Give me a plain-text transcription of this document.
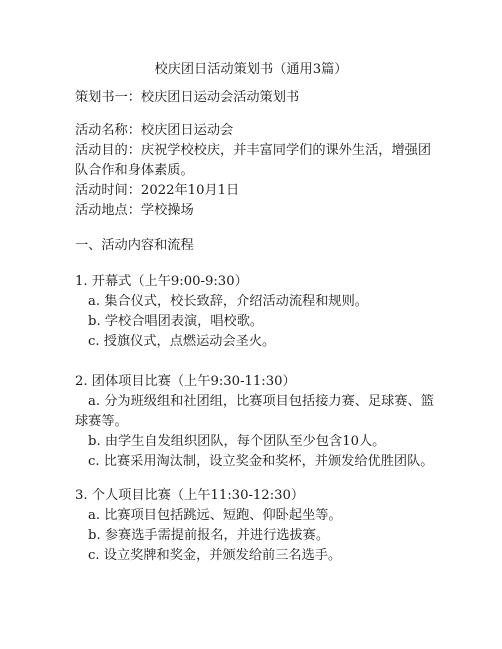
校庆团日活动策划书（通用3篇）
策划书一：校庆团日运动会活动策划书
活动名称：校庆团日运动会
活动目的：庆祝学校校庆，并丰富同学们的课外生活，增强团队合作和身体素质。
活动时间：2022年10月1日
活动地点：学校操场
一、活动内容和流程
1. 开幕式（上午9:00-9:30）
a. 集合仪式，校长致辞，介绍活动流程和规则。
b. 学校合唱团表演，唱校歌。
c. 授旗仪式，点燃运动会圣火。
2. 团体项目比赛（上午9:30-11:30）
a. 分为班级组和社团组，比赛项目包括接力赛、足球赛、篮球赛等。
b. 由学生自发组织团队，每个团队至少包含10人。
c. 比赛采用淘汰制，设立奖金和奖杯，并颁发给优胜团队。
3. 个人项目比赛（上午11:30-12:30）
a. 比赛项目包括跳远、短跑、仰卧起坐等。
b. 参赛选手需提前报名，并进行选拔赛。
c. 设立奖牌和奖金，并颁发给前三名选手。
